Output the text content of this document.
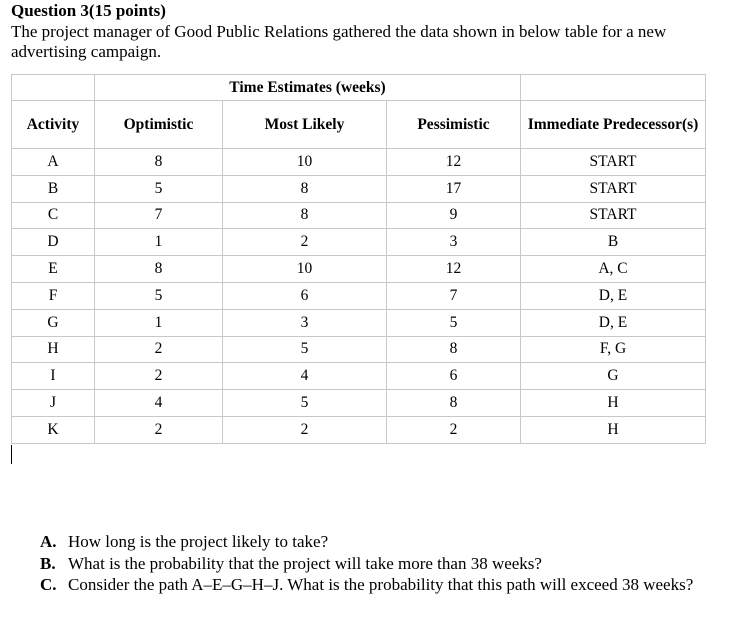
Question 3(15 points)
The project manager of Good Public Relations gathered the data shown in below table for a new advertising campaign.
	Time Estimates (weeks)			
Activity	Optimistic	Most Likely	Pessimistic	Immediate Predecessor(s)
A	8	10	12	START
B	5	8	17	START
C	7	8	9	START
D	1	2	3	B
E	8	10	12	A, C
F	5	6	7	D, E
G	1	3	5	D, E
H	2	5	8	F, G
I	2	4	6	G
J	4	5	8	H
K	2	2	2	H
A. How long is the project likely to take?
B. What is the probability that the project will take more than 38 weeks?
C. Consider the path A–E–G–H–J. What is the probability that this path will exceed 38 weeks?
